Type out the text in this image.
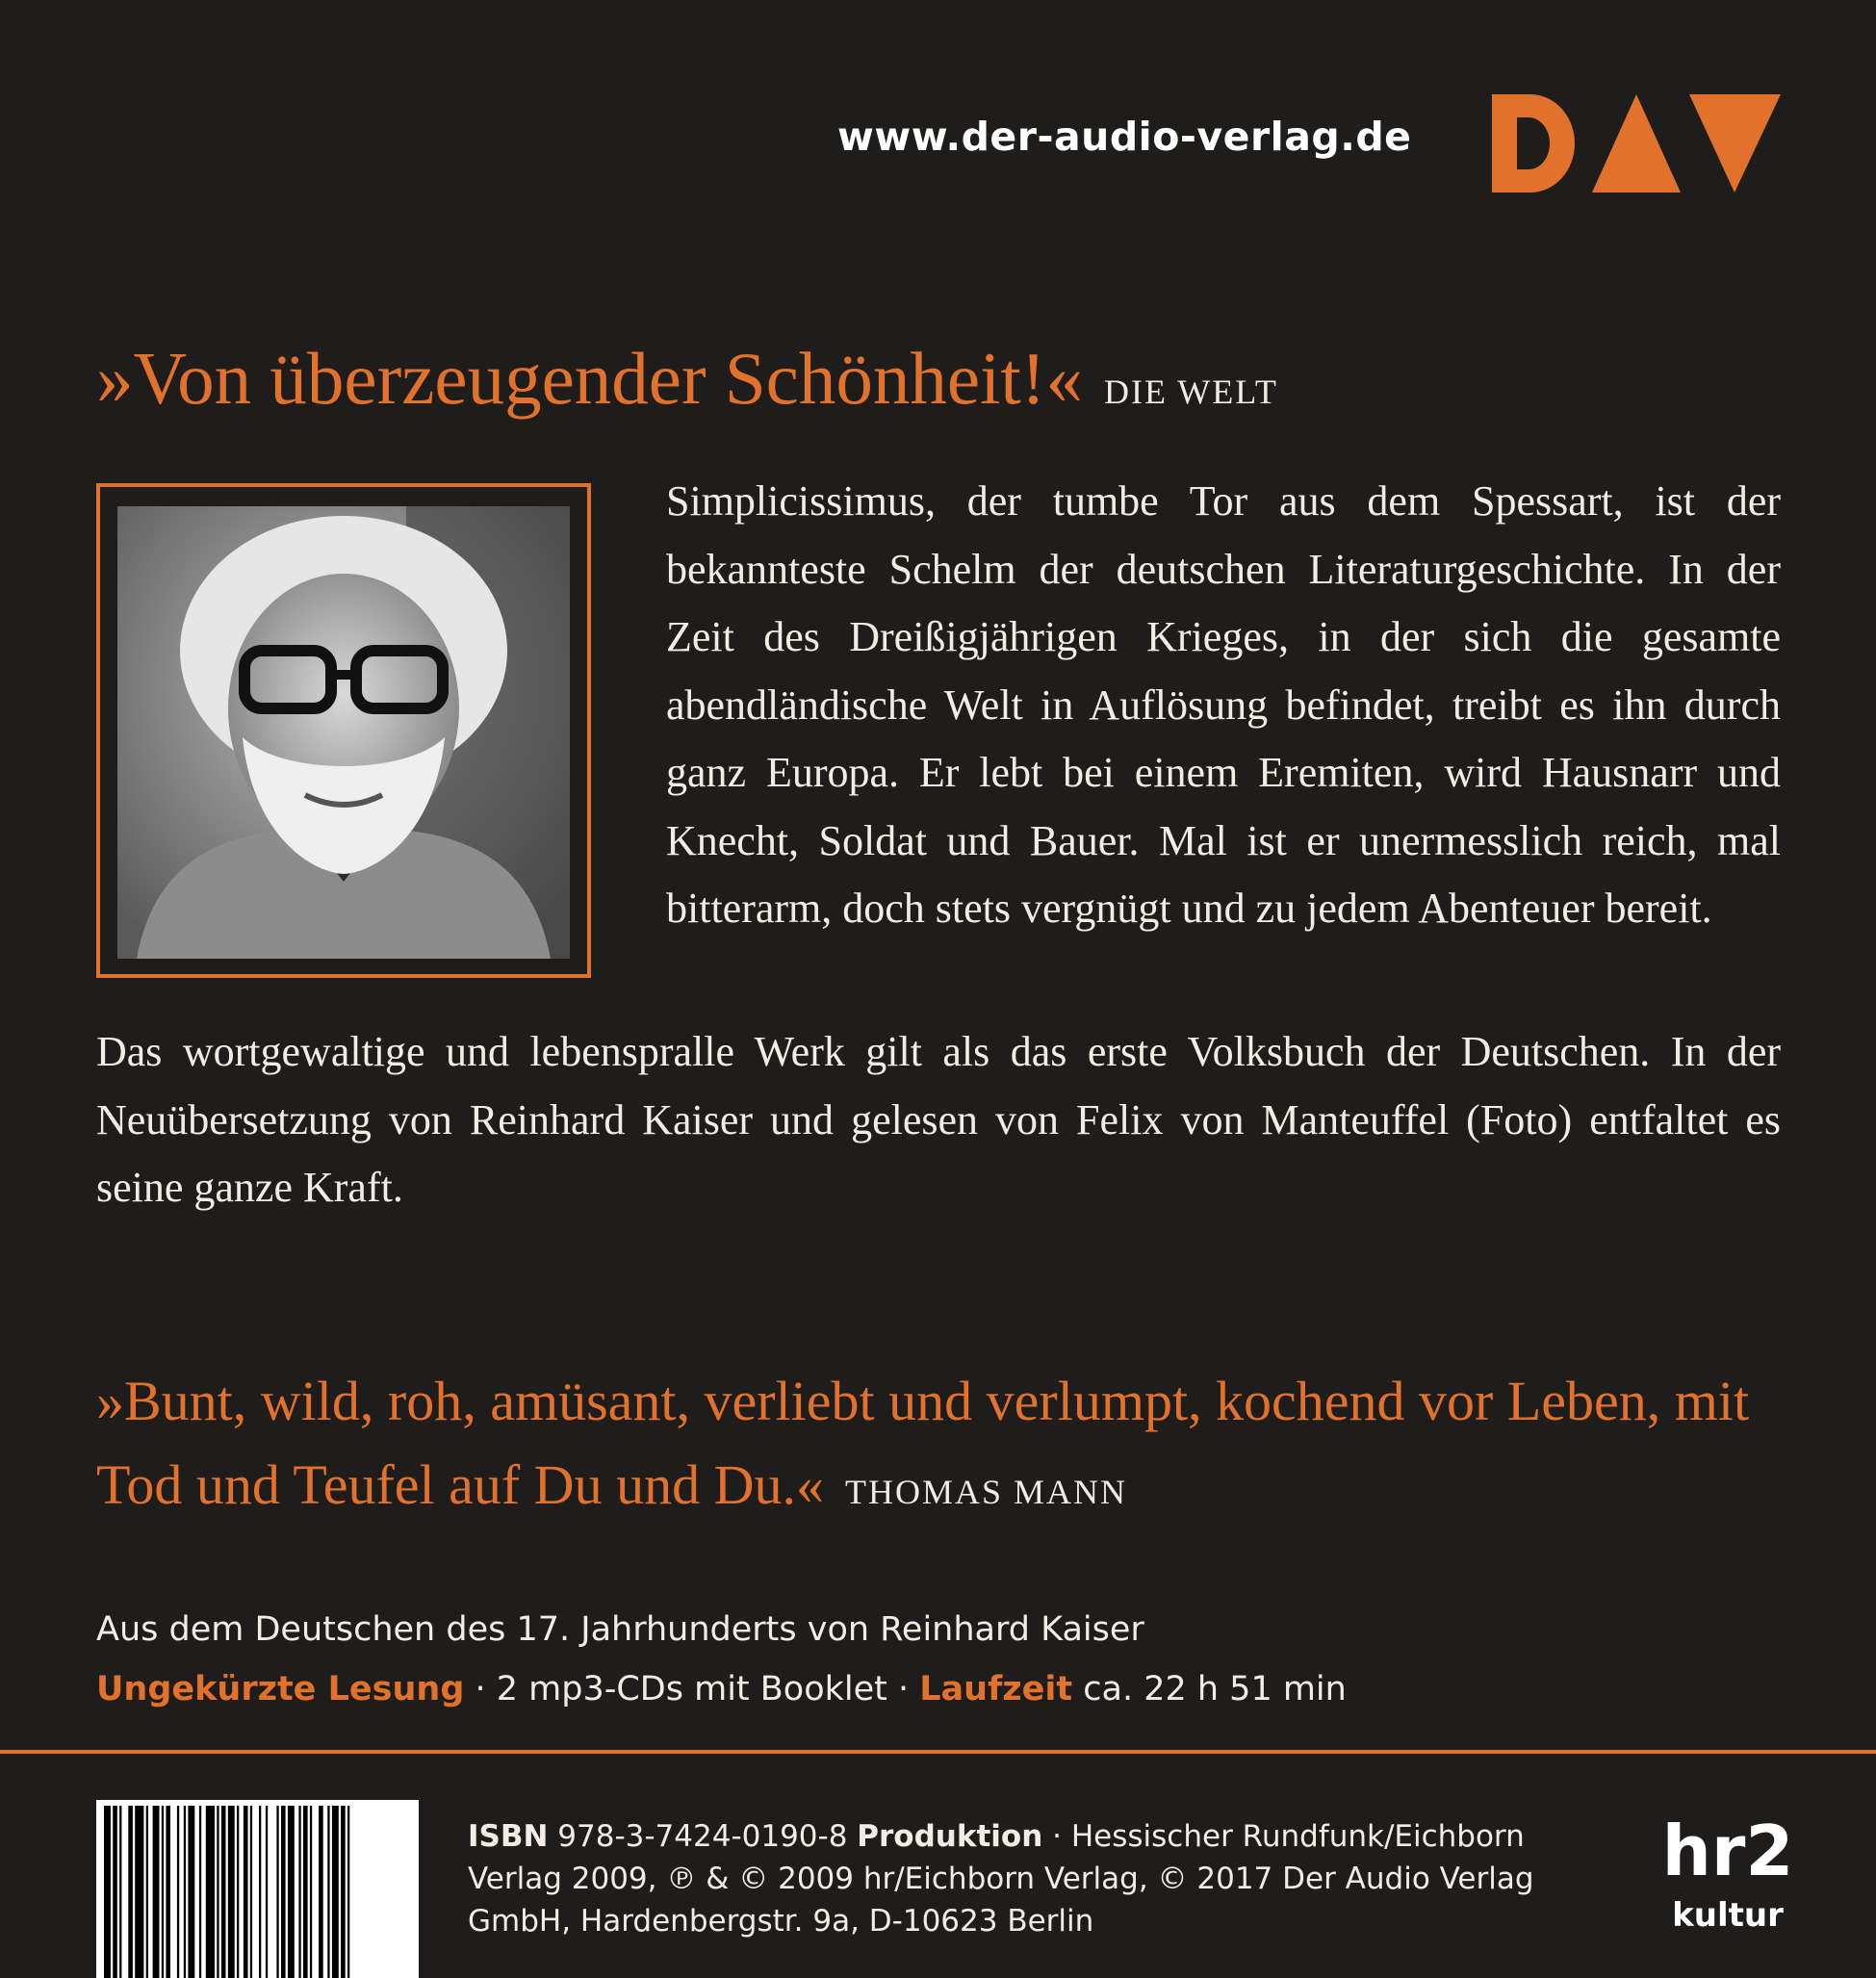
www.der-audio-verlag.de
»Von überzeugender Schönheit!« DIE WELT
Simplicissimus, der tumbe Tor aus dem Spessart, ist der bekannteste Schelm der deutschen Literaturgeschichte. In der Zeit des Dreißigjährigen Krieges, in der sich die gesamte abendländische Welt in Auflösung befindet, treibt es ihn durch ganz Europa. Er lebt bei einem Eremiten, wird Hausnarr und Knecht, Soldat und Bauer. Mal ist er unermesslich reich, mal bitterarm, doch stets vergnügt und zu jedem Abenteuer bereit.
Das wortgewaltige und lebenspralle Werk gilt als das erste Volksbuch der Deutschen. In der Neuübersetzung von Reinhard Kaiser und gelesen von Felix von Manteuffel (Foto) entfaltet es seine ganze Kraft.
»Bunt, wild, roh, amüsant, verliebt und verlumpt, kochend vor Leben, mit Tod und Teufel auf Du und Du.« THOMAS MANN
Aus dem Deutschen des 17. Jahrhunderts von Reinhard Kaiser
Ungekürzte Lesung · 2 mp3-CDs mit Booklet · Laufzeit ca. 22 h 51 min
ISBN 978-3-7424-0190-8 Produktion · Hessischer Rundfunk/Eichborn Verlag 2009, ℗ & © 2009 hr/Eichborn Verlag, © 2017 Der Audio Verlag GmbH, Hardenbergstr. 9a, D-10623 Berlin
hr2
kultur
